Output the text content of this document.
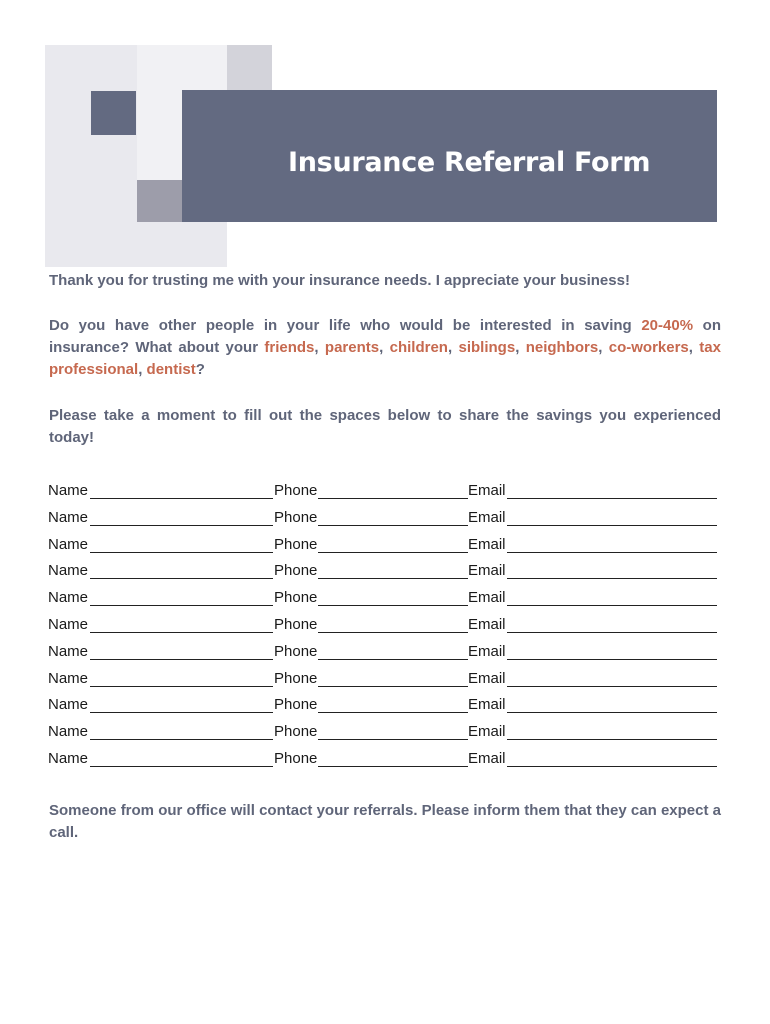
Insurance Referral Form
Thank you for trusting me with your insurance needs. I appreciate your business!
Do you have other people in your life who would be interested in saving 20-40% on insurance? What about your friends, parents, children, siblings, neighbors, co-workers, tax professional, dentist?
Please take a moment to fill out the spaces below to share the savings you experienced today!
Name	Phone	Email
Name	Phone	Email
Name	Phone	Email
Name	Phone	Email
Name	Phone	Email
Name	Phone	Email
Name	Phone	Email
Name	Phone	Email
Name	Phone	Email
Name	Phone	Email
Name	Phone	Email
Someone from our office will contact your referrals. Please inform them that they can expect a call.
